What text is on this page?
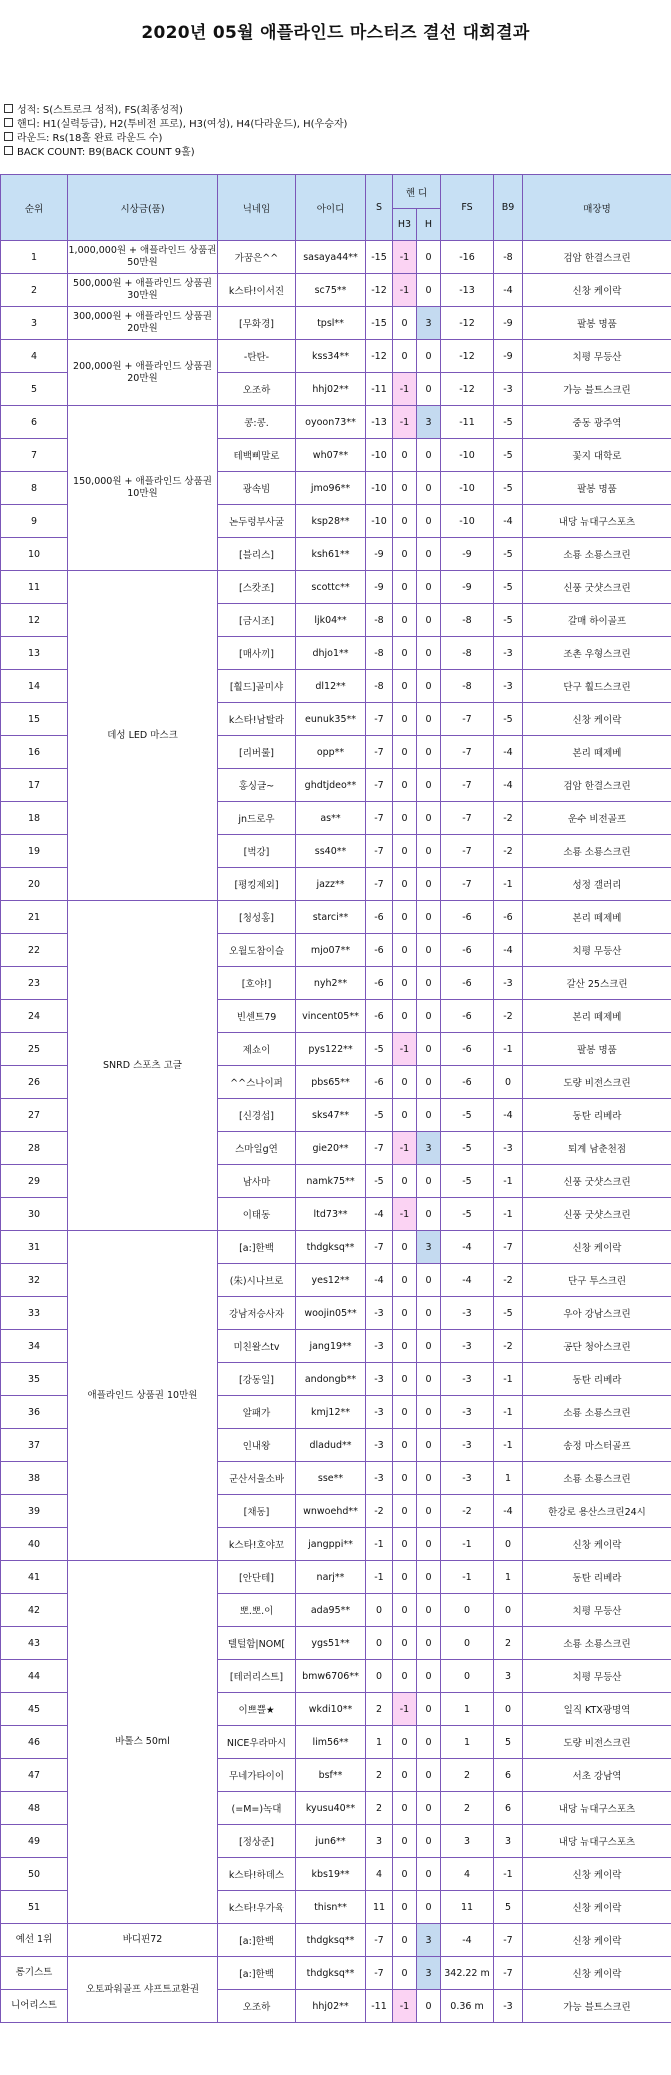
2020년 05월 애플라인드 마스터즈 결선 대회결과
성적: S(스트로크 성적), FS(최종성적)
핸디: H1(실력등급), H2(투비전 프로), H3(여성), H4(다라운드), H(우승자)
라운드: Rs(18홀 완료 라운드 수)
BACK COUNT: B9(BACK COUNT 9홀)
순위	시상금(품)	닉네임	아이디	S	핸 디		FS	B9	매장명
					H3	H			
1	1,000,000원 + 애플라인드 상품권 50만원	가꿈은^^	sasaya44**	-15	-1	0	-16	-8	검암 한결스크린
2	500,000원 + 애플라인드 상품권 30만원	k스타!이서진	sc75**	-12	-1	0	-13	-4	신창 케이락
3	300,000원 + 애플라인드 상품권 20만원	[무화경]	tpsl**	-15	0	3	-12	-9	팔봉 명품
4	200,000원 + 애플라인드 상품권 20만원	-탄탄-	kss34**	-12	0	0	-12	-9	치평 무등산
5		오조하	hhj02**	-11	-1	0	-12	-3	가능 블트스크린
6	150,000원 + 애플라인드 상품권 10만원	콩:콩.	oyoon73**	-13	-1	3	-11	-5	중동 광주역
7		테백삐말로	wh07**	-10	0	0	-10	-5	꽃지 대학로
8		광속빔	jmo96**	-10	0	0	-10	-5	팔봉 명품
9		논두렁부사굴	ksp28**	-10	0	0	-10	-4	내당 뉴대구스포츠
10		[블리스]	ksh61**	-9	0	0	-9	-5	소룡 소룡스크린
11	데성 LED 마스크	[스캇조]	scottc**	-9	0	0	-9	-5	신풍 굿샷스크린
12		[금시조]	ljk04**	-8	0	0	-8	-5	갈매 하이골프
13		[매사끼]	dhjo1**	-8	0	0	-8	-3	조촌 우형스크린
14		[훨드]골미샤	dl12**	-8	0	0	-8	-3	단구 훨드스크린
15		k스타!남탈라	eunuk35**	-7	0	0	-7	-5	신창 케이락
16		[리버룰]	opp**	-7	0	0	-7	-4	본리 떼제베
17		홍싱글~	ghdtjdeo**	-7	0	0	-7	-4	검암 한결스크린
18		jn드로우	as**	-7	0	0	-7	-2	운수 비전골프
19		[벅강]	ss40**	-7	0	0	-7	-2	소룡 소룡스크린
20		[평킹제외]	jazz**	-7	0	0	-7	-1	성정 갤러리
21	SNRD 스포츠 고글	[청성홍]	starci**	-6	0	0	-6	-6	본리 떼제베
22		오월도참이슬	mjo07**	-6	0	0	-6	-4	치평 무등산
23		[호야!]	nyh2**	-6	0	0	-6	-3	갈산 25스크린
24		빈센트79	vincent05**	-6	0	0	-6	-2	본리 떼제베
25		제쇼이	pys122**	-5	-1	0	-6	-1	팔봉 명품
26		^^스나이퍼	pbs65**	-6	0	0	-6	0	도량 비전스크린
27		[신경섭]	sks47**	-5	0	0	-5	-4	동탄 리베라
28		스마일g연	gie20**	-7	-1	3	-5	-3	퇴계 남춘천점
29		남사마	namk75**	-5	0	0	-5	-1	신풍 굿샷스크린
30		이태동	ltd73**	-4	-1	0	-5	-1	신풍 굿샷스크린
31	애플라인드 상품권 10만원	[a:]한백	thdgksq**	-7	0	3	-4	-7	신창 케이락
32		(朱)시나브로	yes12**	-4	0	0	-4	-2	단구 투스크린
33		강남저승사자	woojin05**	-3	0	0	-3	-5	우아 강남스크린
34		미친왈스tv	jang19**	-3	0	0	-3	-2	공단 청아스크린
35		[강동일]	andongb**	-3	0	0	-3	-1	동탄 리베라
36		알패가	kmj12**	-3	0	0	-3	-1	소룡 소룡스크린
37		인내왕	dladud**	-3	0	0	-3	-1	송정 마스터골프
38		군산서울소바	sse**	-3	0	0	-3	1	소룡 소룡스크린
39		[채동]	wnwoehd**	-2	0	0	-2	-4	한강로 용산스크린24시
40		k스타!호야꼬	jangppi**	-1	0	0	-1	0	신창 케이락
41	바톨스 50ml	[안단테]	narj**	-1	0	0	-1	1	동탄 리베라
42		뽀.뽀.이	ada95**	0	0	0	0	0	치평 무등산
43		텔털함|NOM[	ygs51**	0	0	0	0	2	소룡 소룡스크린
44		[테러리스트]	bmw6706**	0	0	0	0	3	치평 무등산
45		이쁘쁠★	wkdi10**	2	-1	0	1	0	일직 KTX광명역
46		NICE우라마시	lim56**	1	0	0	1	5	도량 비전스크린
47		무네가타이이	bsf**	2	0	0	2	6	서초 강남역
48		(=M=)녹대	kyusu40**	2	0	0	2	6	내당 뉴대구스포츠
49		[정상준]	jun6**	3	0	0	3	3	내당 뉴대구스포츠
50		k스타!하데스	kbs19**	4	0	0	4	-1	신창 케이락
51		k스타!우가육	thisn**	11	0	0	11	5	신창 케이락
예선 1위	바디핀72	[a:]한백	thdgksq**	-7	0	3	-4	-7	신창 케이락
롱기스트	오토파워골프 샤프트교환권	[a:]한백	thdgksq**	-7	0	3	342.22 m	-7	신창 케이락
니어리스트		오조하	hhj02**	-11	-1	0	0.36 m	-3	가능 블트스크린
